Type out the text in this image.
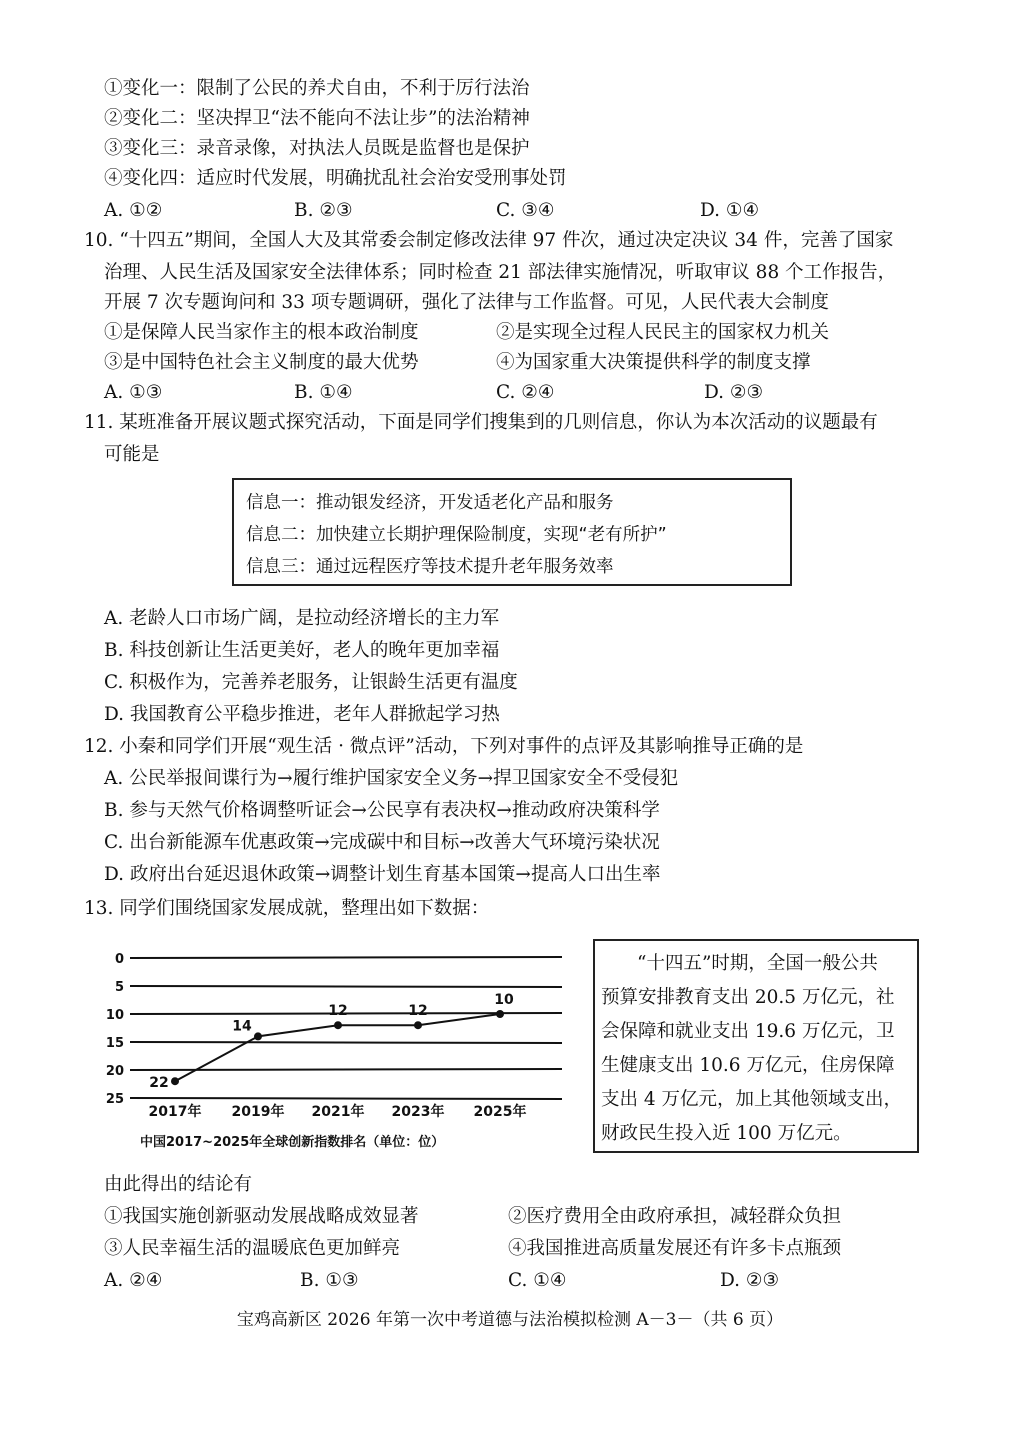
①变化一：限制了公民的养犬自由，不利于厉行法治
②变化二：坚决捍卫“法不能向不法让步”的法治精神
③变化三：录音录像，对执法人员既是监督也是保护
④变化四：适应时代发展，明确扰乱社会治安受刑事处罚
A. ①②	B. ②③	C. ③④	D. ①④
10. “十四五”期间，全国人大及其常委会制定修改法律 97 件次，通过决定决议 34 件，完善了国家
治理、人民生活及国家安全法律体系；同时检查 21 部法律实施情况，听取审议 88 个工作报告，
开展 7 次专题询问和 33 项专题调研，强化了法律与工作监督。可见，人民代表大会制度
①是保障人民当家作主的根本政治制度	②是实现全过程人民民主的国家权力机关
③是中国特色社会主义制度的最大优势	④为国家重大决策提供科学的制度支撑
A. ①③	B. ①④	C. ②④	D. ②③
11. 某班准备开展议题式探究活动，下面是同学们搜集到的几则信息，你认为本次活动的议题最有
可能是
信息一：推动银发经济，开发适老化产品和服务
信息二：加快建立长期护理保险制度，实现“老有所护”
信息三：通过远程医疗等技术提升老年服务效率
A. 老龄人口市场广阔，是拉动经济增长的主力军
B. 科技创新让生活更美好，老人的晚年更加幸福
C. 积极作为，完善养老服务，让银龄生活更有温度
D. 我国教育公平稳步推进，老年人群掀起学习热
12. 小秦和同学们开展“观生活 · 微点评”活动，下列对事件的点评及其影响推导正确的是
A. 公民举报间谍行为→履行维护国家安全义务→捍卫国家安全不受侵犯
B. 参与天然气价格调整听证会→公民享有表决权→推动政府决策科学
C. 出台新能源车优惠政策→完成碳中和目标→改善大气环境污染状况
D. 政府出台延迟退休政策→调整计划生育基本国策→提高人口出生率
13. 同学们围绕国家发展成就，整理出如下数据：
0
5
10
15
20
25
2017年 2019年 2021年 2023年 2025年
22
14
12	12
10
中国2017~2025年全球创新指数排名（单位：位）
“十四五”时期，全国一般公共
预算安排教育支出 20.5 万亿元，社
会保障和就业支出 19.6 万亿元，卫
生健康支出 10.6 万亿元，住房保障
支出 4 万亿元，加上其他领域支出，
财政民生投入近 100 万亿元。
由此得出的结论有
①我国实施创新驱动发展战略成效显著	②医疗费用全由政府承担，减轻群众负担
③人民幸福生活的温暖底色更加鲜亮	④我国推进高质量发展还有许多卡点瓶颈
A. ②④	B. ①③	C. ①④	D. ②③
宝鸡高新区 2026 年第一次中考道德与法治模拟检测 A－3－（共 6 页）
